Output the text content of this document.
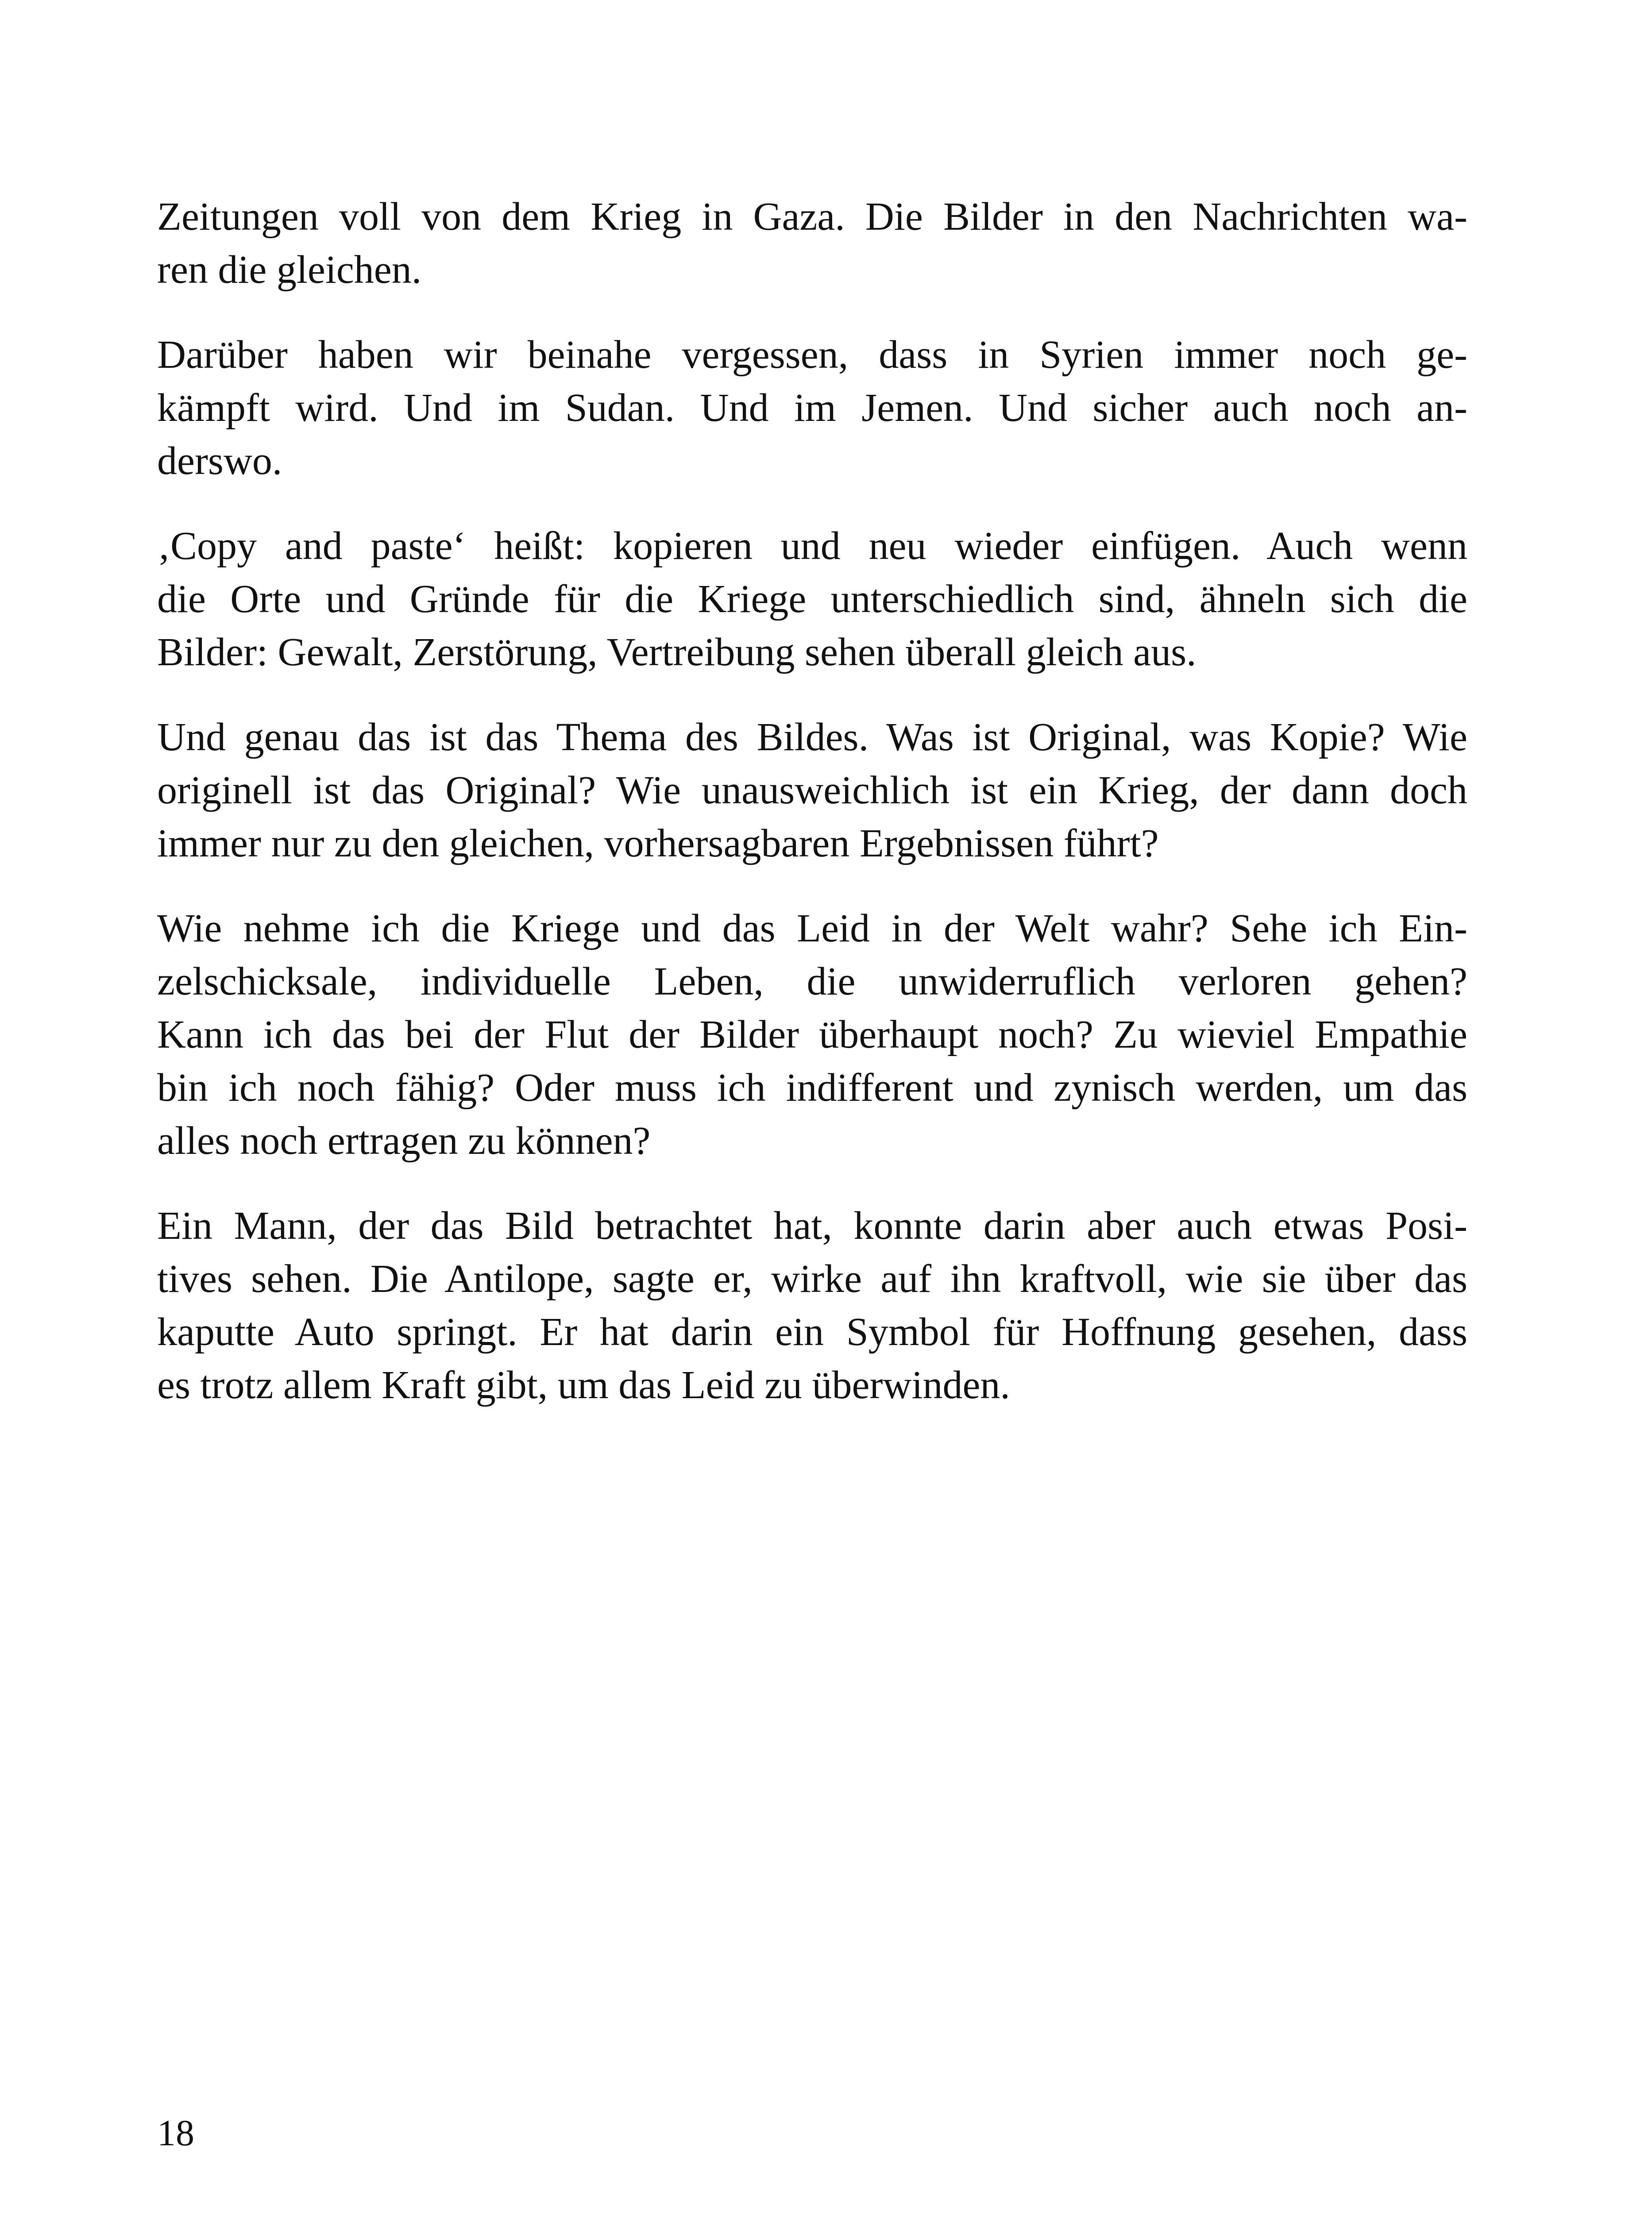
Zeitungen voll von dem Krieg in Gaza. Die Bilder in den Nachrichten wa-
ren die gleichen.
Darüber haben wir beinahe vergessen, dass in Syrien immer noch ge-
kämpft wird. Und im Sudan. Und im Jemen. Und sicher auch noch an-
derswo.
‚Copy and paste‘ heißt: kopieren und neu wieder einfügen. Auch wenn
die Orte und Gründe für die Kriege unterschiedlich sind, ähneln sich die
Bilder: Gewalt, Zerstörung, Vertreibung sehen überall gleich aus.
Und genau das ist das Thema des Bildes. Was ist Original, was Kopie? Wie
originell ist das Original? Wie unausweichlich ist ein Krieg, der dann doch
immer nur zu den gleichen, vorhersagbaren Ergebnissen führt?
Wie nehme ich die Kriege und das Leid in der Welt wahr? Sehe ich Ein-
zelschicksale, individuelle Leben, die unwiderruflich verloren gehen?
Kann ich das bei der Flut der Bilder überhaupt noch? Zu wieviel Empathie
bin ich noch fähig? Oder muss ich indifferent und zynisch werden, um das
alles noch ertragen zu können?
Ein Mann, der das Bild betrachtet hat, konnte darin aber auch etwas Posi-
tives sehen. Die Antilope, sagte er, wirke auf ihn kraftvoll, wie sie über das
kaputte Auto springt. Er hat darin ein Symbol für Hoffnung gesehen, dass
es trotz allem Kraft gibt, um das Leid zu überwinden.
18
